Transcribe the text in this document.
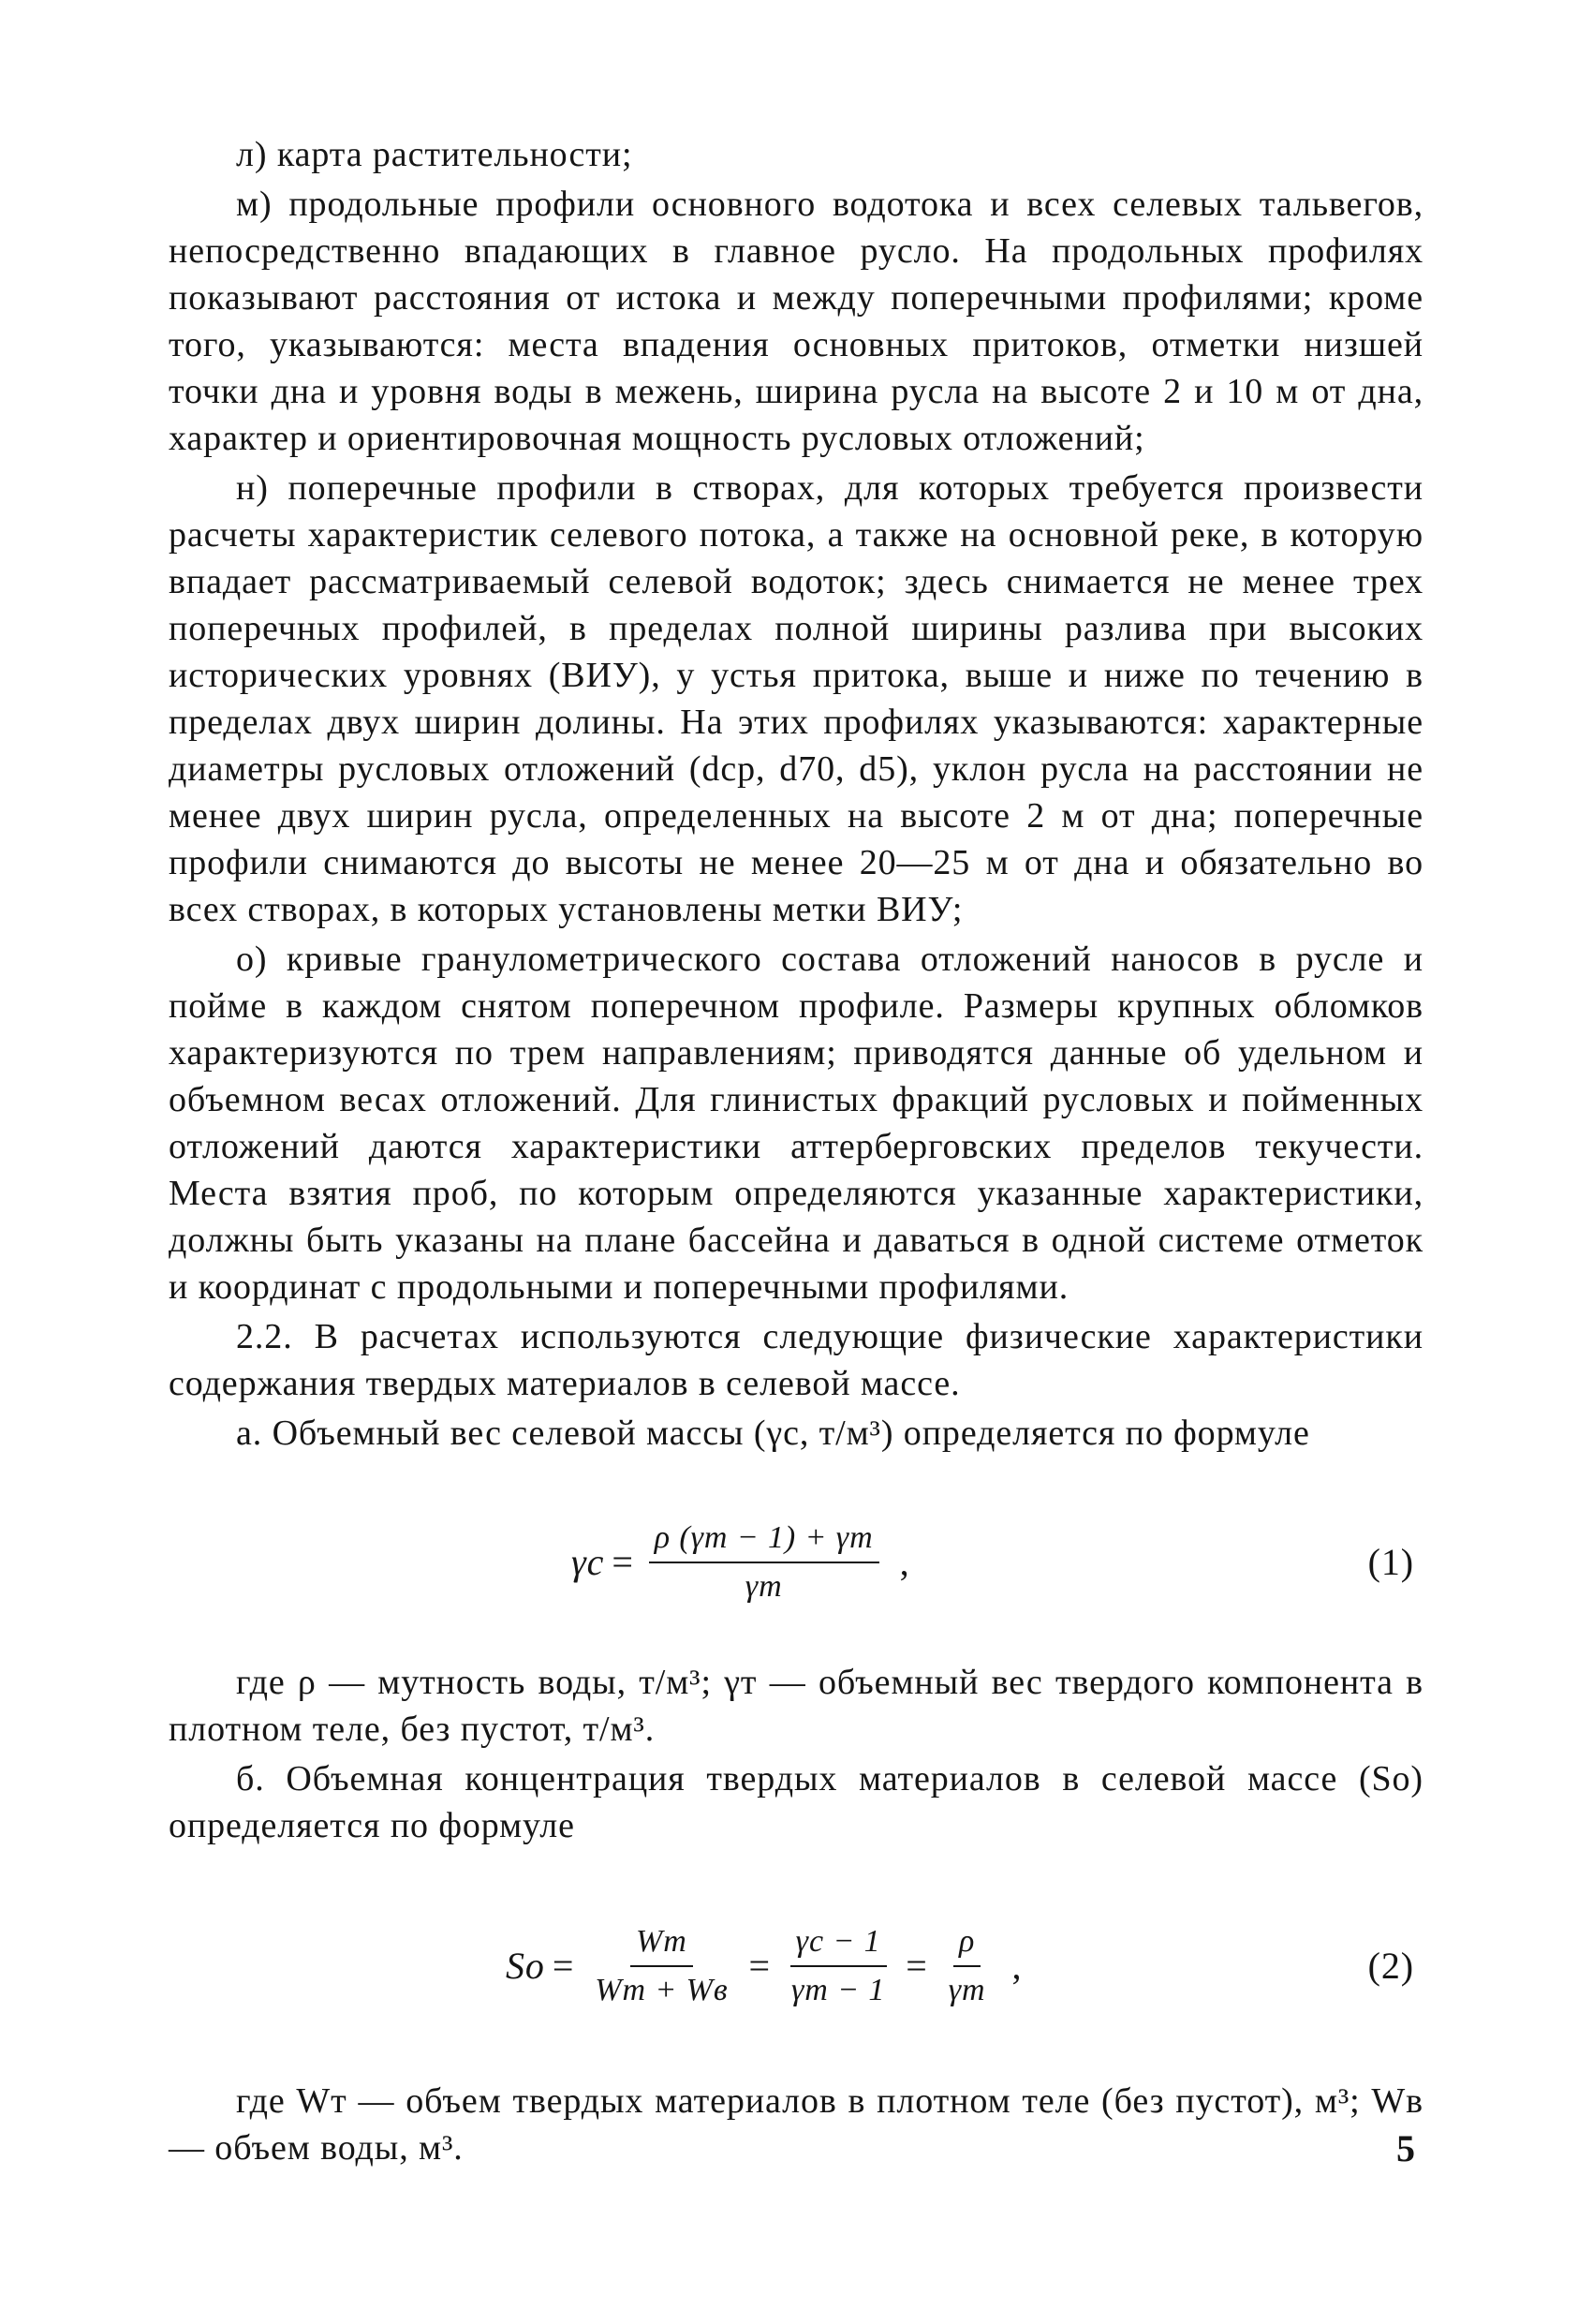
л) карта растительности;

м) продольные профили основного водотока и всех селевых тальвегов, непосредственно впадающих в главное русло. На продольных профилях показывают расстояния от истока и между поперечными профилями; кроме того, указываются: места впадения основных притоков, отметки низшей точки дна и уровня воды в межень, ширина русла на высоте 2 и 10 м от дна, характер и ориентировочная мощность русловых отложений;

н) поперечные профили в створах, для которых требуется произвести расчеты характеристик селевого потока, а также на основной реке, в которую впадает рассматриваемый селевой водоток; здесь снимается не менее трех поперечных профилей, в пределах полной ширины разлива при высоких исторических уровнях (ВИУ), у устья притока, выше и ниже по течению в пределах двух ширин долины. На этих профилях указываются: характерные диаметры русловых отложений (dср, d70, d5), уклон русла на расстоянии не менее двух ширин русла, определенных на высоте 2 м от дна; поперечные профили снимаются до высоты не менее 20—25 м от дна и обязательно во всех створах, в которых установлены метки ВИУ;

о) кривые гранулометрического состава отложений наносов в русле и пойме в каждом снятом поперечном профиле. Размеры крупных обломков характеризуются по трем направлениям; приводятся данные об удельном и объемном весах отложений. Для глинистых фракций русловых и пойменных отложений даются характеристики аттерберговских пределов текучести. Места взятия проб, по которым определяются указанные характеристики, должны быть указаны на плане бассейна и даваться в одной системе отметок и координат с продольными и поперечными профилями.

2.2. В расчетах используются следующие физические характеристики содержания твердых материалов в селевой массе.

а. Объемный вес селевой массы (γс, т/м³) определяется по формуле

$\gamma с = \frac{\rho (\gamma т - 1) + \gamma т}{\gamma т}$ ,	(1)

где ρ — мутность воды, т/м³; γт — объемный вес твердого компонента в плотном теле, без пустот, т/м³.

б. Объемная концентрация твердых материалов в селевой массе (Sо) определяется по формуле

Sо = $\frac{Wт}{Wт + Wв} = \frac{\gamma с - 1}{\gamma т - 1} = \frac{\rho}{\gamma т}$ ,	(2)

где Wт — объем твердых материалов в плотном теле (без пустот), м³; Wв — объем воды, м³.	5
